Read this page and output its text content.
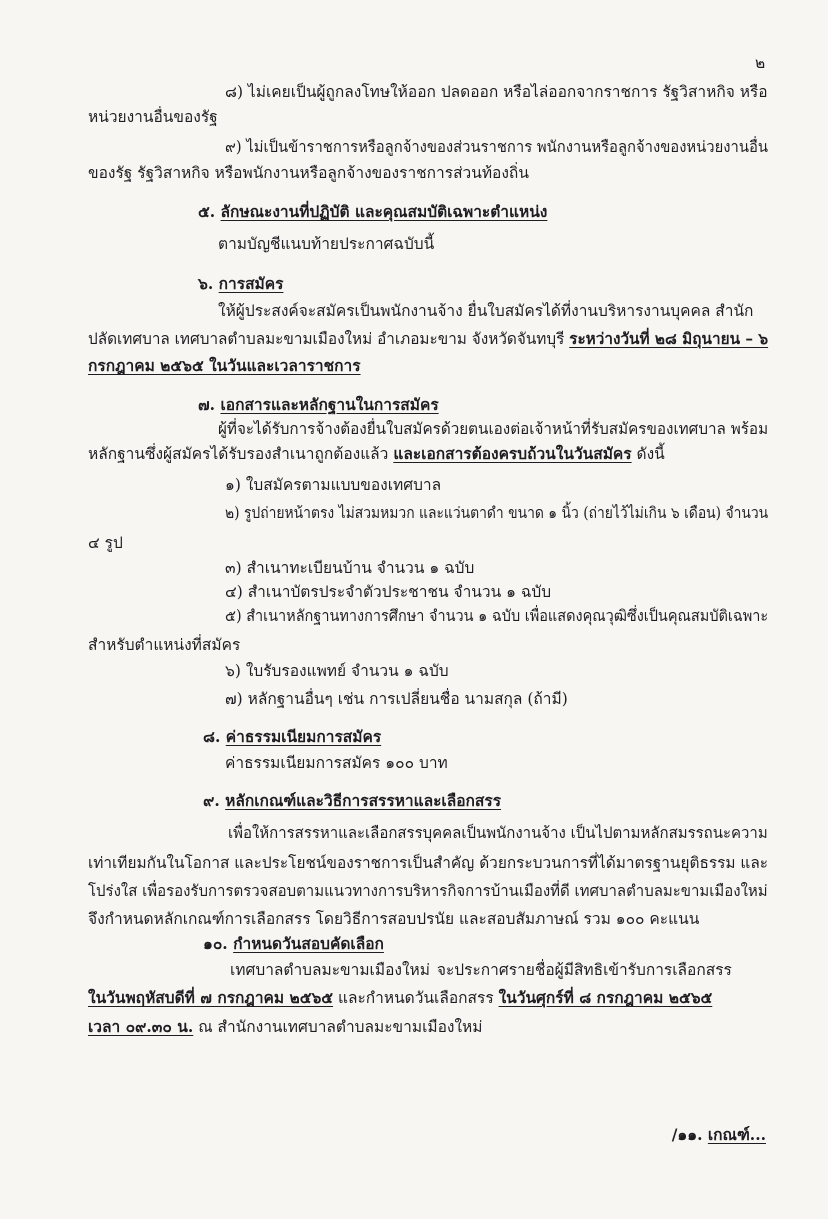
๒

๘) ไม่เคยเป็นผู้ถูกลงโทษให้ออก ปลดออก หรือไล่ออกจากราชการ รัฐวิสาหกิจ หรือ

หน่วยงานอื่นของรัฐ

๙) ไม่เป็นข้าราชการหรือลูกจ้างของส่วนราชการ พนักงานหรือลูกจ้างของหน่วยงานอื่น

ของรัฐ รัฐวิสาหกิจ หรือพนักงานหรือลูกจ้างของราชการส่วนท้องถิ่น

๕. ลักษณะงานที่ปฏิบัติ และคุณสมบัติเฉพาะตำแหน่ง

ตามบัญชีแนบท้ายประกาศฉบับนี้

๖. การสมัคร

ให้ผู้ประสงค์จะสมัครเป็นพนักงานจ้าง ยื่นใบสมัครได้ที่งานบริหารงานบุคคล สำนัก

ปลัดเทศบาล เทศบาลตำบลมะขามเมืองใหม่ อำเภอมะขาม จังหวัดจันทบุรี ระหว่างวันที่ ๒๘ มิถุนายน – ๖

กรกฎาคม ๒๕๖๕ ในวันและเวลาราชการ

๗. เอกสารและหลักฐานในการสมัคร

ผู้ที่จะได้รับการจ้างต้องยื่นใบสมัครด้วยตนเองต่อเจ้าหน้าที่รับสมัครของเทศบาล พร้อม

หลักฐานซึ่งผู้สมัครได้รับรองสำเนาถูกต้องแล้ว และเอกสารต้องครบถ้วนในวันสมัคร ดังนี้

๑) ใบสมัครตามแบบของเทศบาล

๒) รูปถ่ายหน้าตรง ไม่สวมหมวก และแว่นตาดำ ขนาด ๑ นิ้ว (ถ่ายไว้ไม่เกิน ๖ เดือน) จำนวน

๔ รูป

๓) สำเนาทะเบียนบ้าน จำนวน ๑ ฉบับ

๔) สำเนาบัตรประจำตัวประชาชน จำนวน ๑ ฉบับ

๕) สำเนาหลักฐานทางการศึกษา จำนวน ๑ ฉบับ เพื่อแสดงคุณวุฒิซึ่งเป็นคุณสมบัติเฉพาะ

สำหรับตำแหน่งที่สมัคร

๖) ใบรับรองแพทย์ จำนวน ๑ ฉบับ

๗) หลักฐานอื่นๆ เช่น การเปลี่ยนชื่อ นามสกุล (ถ้ามี)

๘. ค่าธรรมเนียมการสมัคร

ค่าธรรมเนียมการสมัคร ๑๐๐ บาท

๙. หลักเกณฑ์และวิธีการสรรหาและเลือกสรร

เพื่อให้การสรรหาและเลือกสรรบุคคลเป็นพนักงานจ้าง เป็นไปตามหลักสมรรถนะความ

เท่าเทียมกันในโอกาส และประโยชน์ของราชการเป็นสำคัญ ด้วยกระบวนการที่ได้มาตรฐานยุติธรรม และ

โปร่งใส เพื่อรองรับการตรวจสอบตามแนวทางการบริหารกิจการบ้านเมืองที่ดี เทศบาลตำบลมะขามเมืองใหม่

จึงกำหนดหลักเกณฑ์การเลือกสรร โดยวิธีการสอบปรนัย และสอบสัมภาษณ์ รวม ๑๐๐ คะแนน

๑๐. กำหนดวันสอบคัดเลือก

เทศบาลตำบลมะขามเมืองใหม่ จะประกาศรายชื่อผู้มีสิทธิเข้ารับการเลือกสรร

ในวันพฤหัสบดีที่ ๗ กรกฎาคม ๒๕๖๕ และกำหนดวันเลือกสรร ในวันศุกร์ที่ ๘ กรกฎาคม ๒๕๖๕

เวลา ๐๙.๓๐ น. ณ สำนักงานเทศบาลตำบลมะขามเมืองใหม่

/๑๑. เกณฑ์...
